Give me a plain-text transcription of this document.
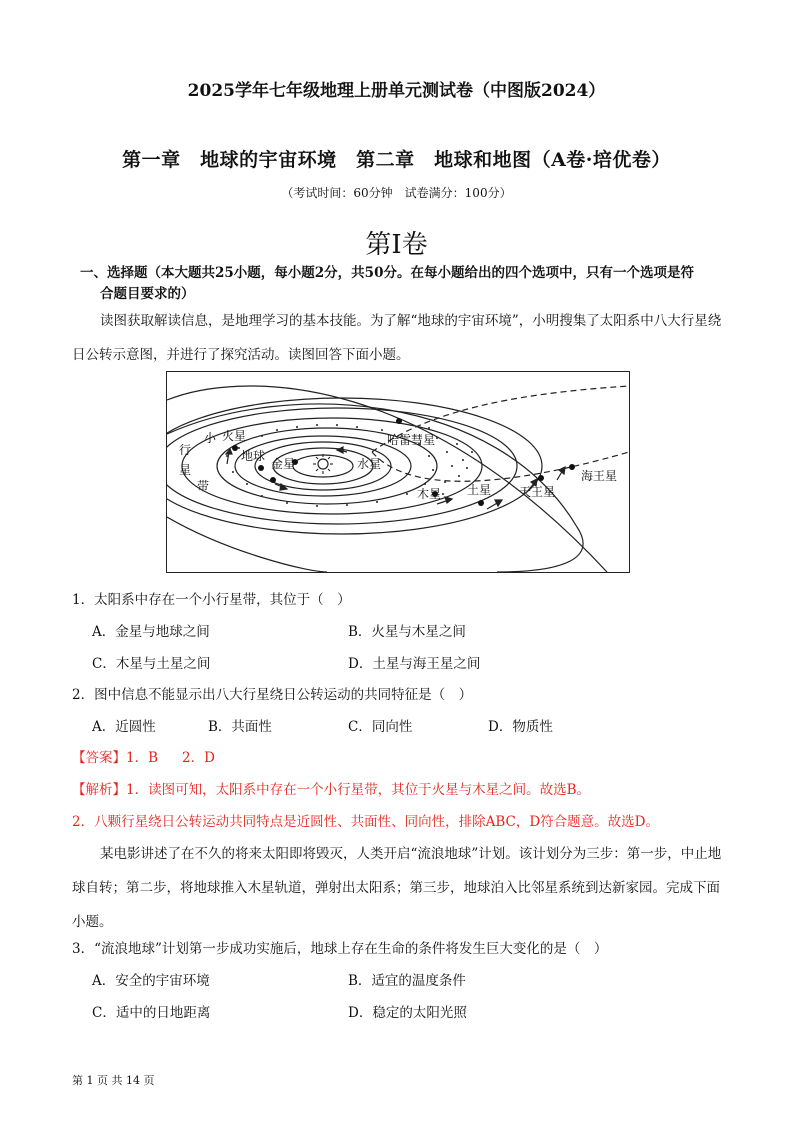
2025学年七年级地理上册单元测试卷（中图版2024）
第一章　地球的宇宙环境　第二章　地球和地图（A卷·培优卷）
（考试时间：60分钟　试卷满分：100分）
第I卷
一、选择题（本大题共25小题，每小题2分，共50分。在每小题给出的四个选项中，只有一个选项是符
合题目要求的）
读图获取解读信息，是地理学习的基本技能。为了解“地球的宇宙环境”，小明搜集了太阳系中八大行星绕日公转示意图，并进行了探究活动。读图回答下面小题。
小
行
星
带
火星
地球
金星	水星
哈雷彗星
木星 土星 天王星
海王星
1．太阳系中存在一个小行星带，其位于（　）
A．金星与地球之间	B．火星与木星之间
C．木星与土星之间	D．土星与海王星之间
2．图中信息不能显示出八大行星绕日公转运动的共同特征是（　）
A．近圆性	B．共面性	C．同向性	D．物质性
【答案】1．B 2．D
【解析】1．读图可知，太阳系中存在一个小行星带，其位于火星与木星之间。故选B。
2．八颗行星绕日公转运动共同特点是近圆性、共面性、同向性，排除ABC，D符合题意。故选D。
某电影讲述了在不久的将来太阳即将毁灭，人类开启“流浪地球”计划。该计划分为三步：第一步，中止地球自转；第二步，将地球推入木星轨道，弹射出太阳系；第三步，地球泊入比邻星系统到达新家园。完成下面小题。
3．“流浪地球”计划第一步成功实施后，地球上存在生命的条件将发生巨大变化的是（　）
A．安全的宇宙环境	B．适宜的温度条件
C．适中的日地距离	D．稳定的太阳光照
第 1 页 共 14 页
